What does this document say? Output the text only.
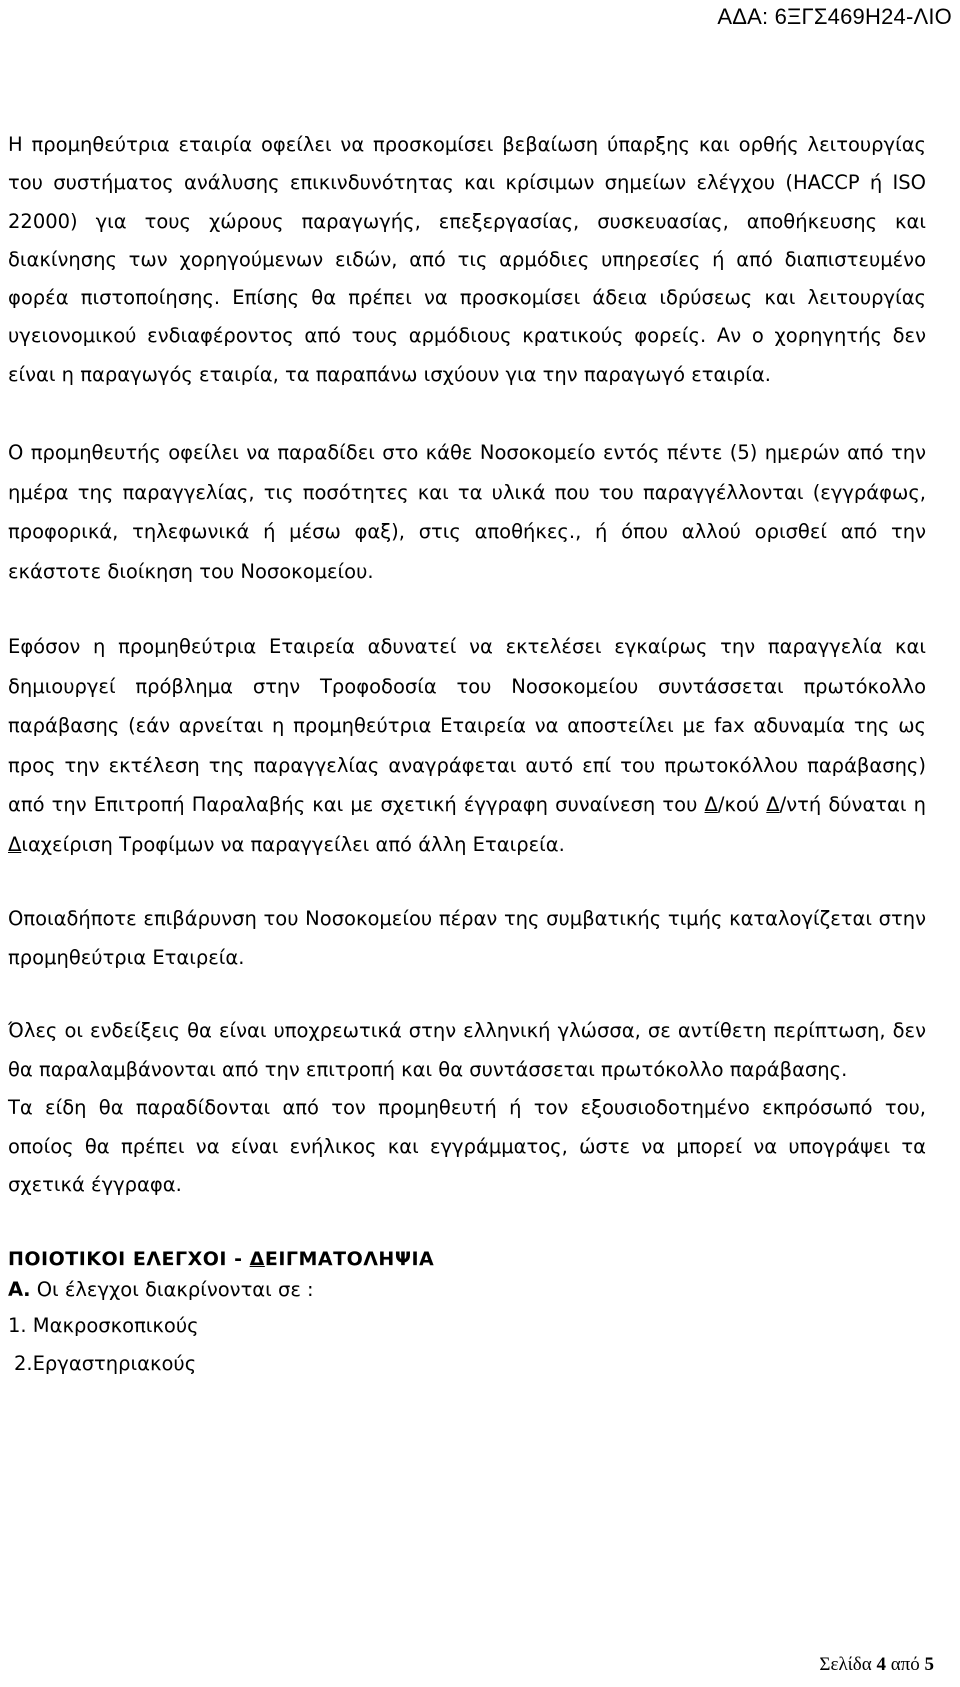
ΑΔΑ: 6ΞΓΣ469Η24-ΛΙΟ

Η προμηθεύτρια εταιρία οφείλει να προσκομίσει βεβαίωση ύπαρξης και ορθής λειτουργίας του συστήματος ανάλυσης επικινδυνότητας και κρίσιμων σημείων ελέγχου (HACCP ή ISO 22000) για τους χώρους παραγωγής, επεξεργασίας, συσκευασίας, αποθήκευσης και διακίνησης των χορηγούμενων ειδών, από τις αρμόδιες υπηρεσίες ή από διαπιστευμένο φορέα πιστοποίησης. Επίσης θα πρέπει να προσκομίσει άδεια ιδρύσεως και λειτουργίας υγειονομικού ενδιαφέροντος από τους αρμόδιους κρατικούς φορείς. Αν ο χορηγητής δεν είναι η παραγωγός εταιρία, τα παραπάνω ισχύουν για την παραγωγό εταιρία.

Ο προμηθευτής οφείλει να παραδίδει στο κάθε Νοσοκομείο εντός πέντε (5) ημερών από την ημέρα της παραγγελίας, τις ποσότητες και τα υλικά που του παραγγέλλονται (εγγράφως, προφορικά, τηλεφωνικά ή μέσω φαξ), στις αποθήκες., ή όπου αλλού ορισθεί από την εκάστοτε διοίκηση του Νοσοκομείου.

Εφόσον η προμηθεύτρια Εταιρεία αδυνατεί να εκτελέσει εγκαίρως την παραγγελία και δημιουργεί πρόβλημα στην Τροφοδοσία του Νοσοκομείου συντάσσεται πρωτόκολλο παράβασης (εάν αρνείται η προμηθεύτρια Εταιρεία να αποστείλει με fax αδυναμία της ως προς την εκτέλεση της παραγγελίας αναγράφεται αυτό επί του πρωτοκόλλου παράβασης) από την Επιτροπή Παραλαβής και με σχετική έγγραφη συναίνεση του Δ/κού Δ/ντή δύναται η Διαχείριση Τροφίμων να παραγγείλει από άλλη Εταιρεία.

Οποιαδήποτε επιβάρυνση του Νοσοκομείου πέραν της συμβατικής τιμής καταλογίζεται στην προμηθεύτρια Εταιρεία.

Όλες οι ενδείξεις θα είναι υποχρεωτικά στην ελληνική γλώσσα, σε αντίθετη περίπτωση, δεν θα παραλαμβάνονται από την επιτροπή και θα συντάσσεται πρωτόκολλο παράβασης.

Τα είδη θα παραδίδονται από τον προμηθευτή ή τον εξουσιοδοτημένο εκπρόσωπό του, οποίος θα πρέπει να είναι ενήλικος και εγγράμματος, ώστε να μπορεί να υπογράψει τα σχετικά έγγραφα.

ΠΟΙΟΤΙΚΟΙ ΕΛΕΓΧΟΙ - ΔΕΙΓΜΑΤΟΛΗΨΙΑ

Α. Οι έλεγχοι διακρίνονται σε :

1. Μακροσκοπικούς

2.Εργαστηριακούς

Σελίδα 4 από 5
